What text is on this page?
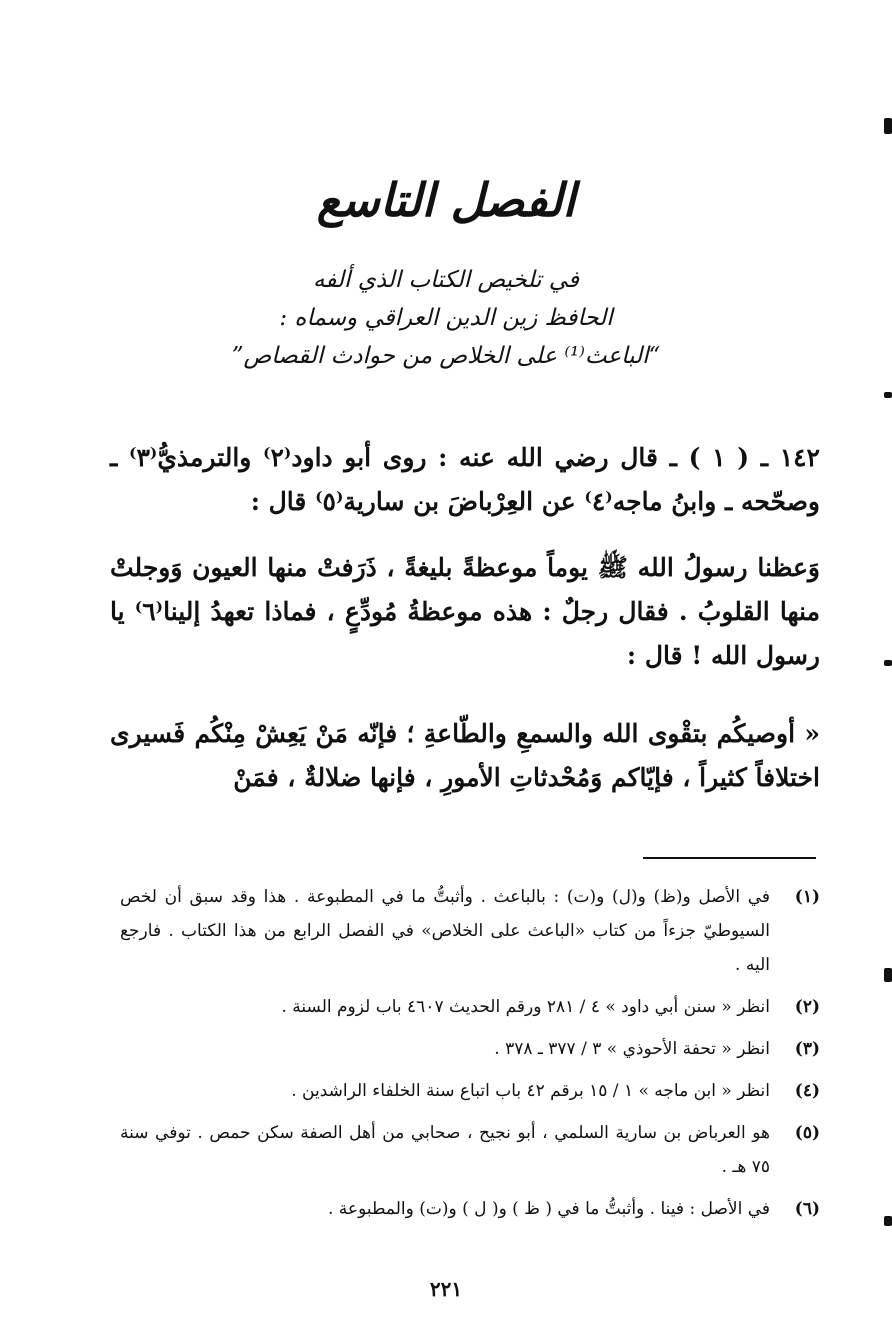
الفصل التاسع
في تلخيص الكتاب الذي ألفه
الحافظ زين الدين العراقي وسماه :
“الباعث⁽¹⁾ على الخلاص من حوادث القصاص”
١٤٢ ـ ( ١ ) ـ قال رضي الله عنه : روى أبو داود⁽٢⁾ والترمذيُّ⁽٣⁾ ـ وصحّحه ـ وابنُ ماجه⁽٤⁾ عن العِرْباضَ بن سارية⁽٥⁾ قال :
وَعظنا رسولُ الله ﷺ يوماً موعظةً بليغةً ، ذَرَفتْ منها العيون وَوجلتْ منها القلوبُ . فقال رجلٌ : هذه موعظةُ مُودِّعٍ ، فماذا تعهدُ إلينا⁽٦⁾ يا رسول الله ! قال :
« أوصيكُم بتقْوى الله والسمعِ والطّاعةِ ؛ فإنّه مَنْ يَعِشْ مِنْكُم فَسيرى اختلافاً كثيراً ، فإيّاكم وَمُحْدثاتِ الأمورِ ، فإنها ضلالةٌ ، فمَنْ
(١)
في الأصل و(ظ) و(ل) و(ت) : بالباعث . وأثبتُّ ما في المطبوعة . هذا وقد سبق أن لخص السيوطيّ جزءاً من كتاب «الباعث على الخلاص» في الفصل الرابع من هذا الكتاب . فارجع اليه .
(٢)
انظر « سنن أبي داود » ٤ / ٢٨١ ورقم الحديث ٤٦٠٧ باب لزوم السنة .
(٣)
انظر « تحفة الأحوذي » ٣ / ٣٧٧ ـ ٣٧٨ .
(٤)
انظر « ابن ماجه » ١ / ١٥ برقم ٤٢ باب اتباع سنة الخلفاء الراشدين .
(٥)
هو العرباض بن سارية السلمي ، أبو نجيح ، صحابي من أهل الصفة سكن حمص . توفي سنة ٧٥ هـ .
(٦)
في الأصل : فينا . وأثبتُّ ما في ( ظ ) و( ل ) و(ت) والمطبوعة .
٢٢١
